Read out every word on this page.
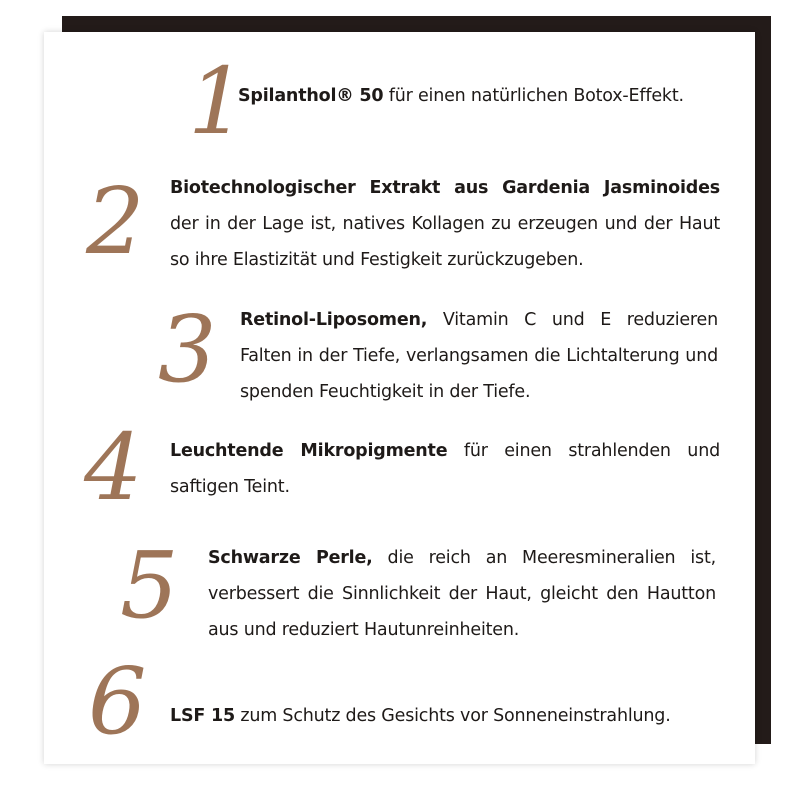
1
Spilanthol® 50 für einen natürlichen Botox-Effekt.
2 Biotechnologischer Extrakt aus Gardenia Jasminoides der in der Lage ist, natives Kollagen zu erzeugen und der Haut so ihre Elastizität und Festigkeit zurückzugeben.
3 Retinol-Liposomen, Vitamin C und E reduzieren Falten in der Tiefe, verlangsamen die Lichtalterung und spenden Feuchtigkeit in der Tiefe.
4 Leuchtende Mikropigmente für einen strahlenden und saftigen Teint.
5 Schwarze Perle, die reich an Meeresmineralien ist, verbessert die Sinnlichkeit der Haut, gleicht den Hautton aus und reduziert Hautunreinheiten.
6 LSF 15 zum Schutz des Gesichts vor Sonneneinstrahlung.
